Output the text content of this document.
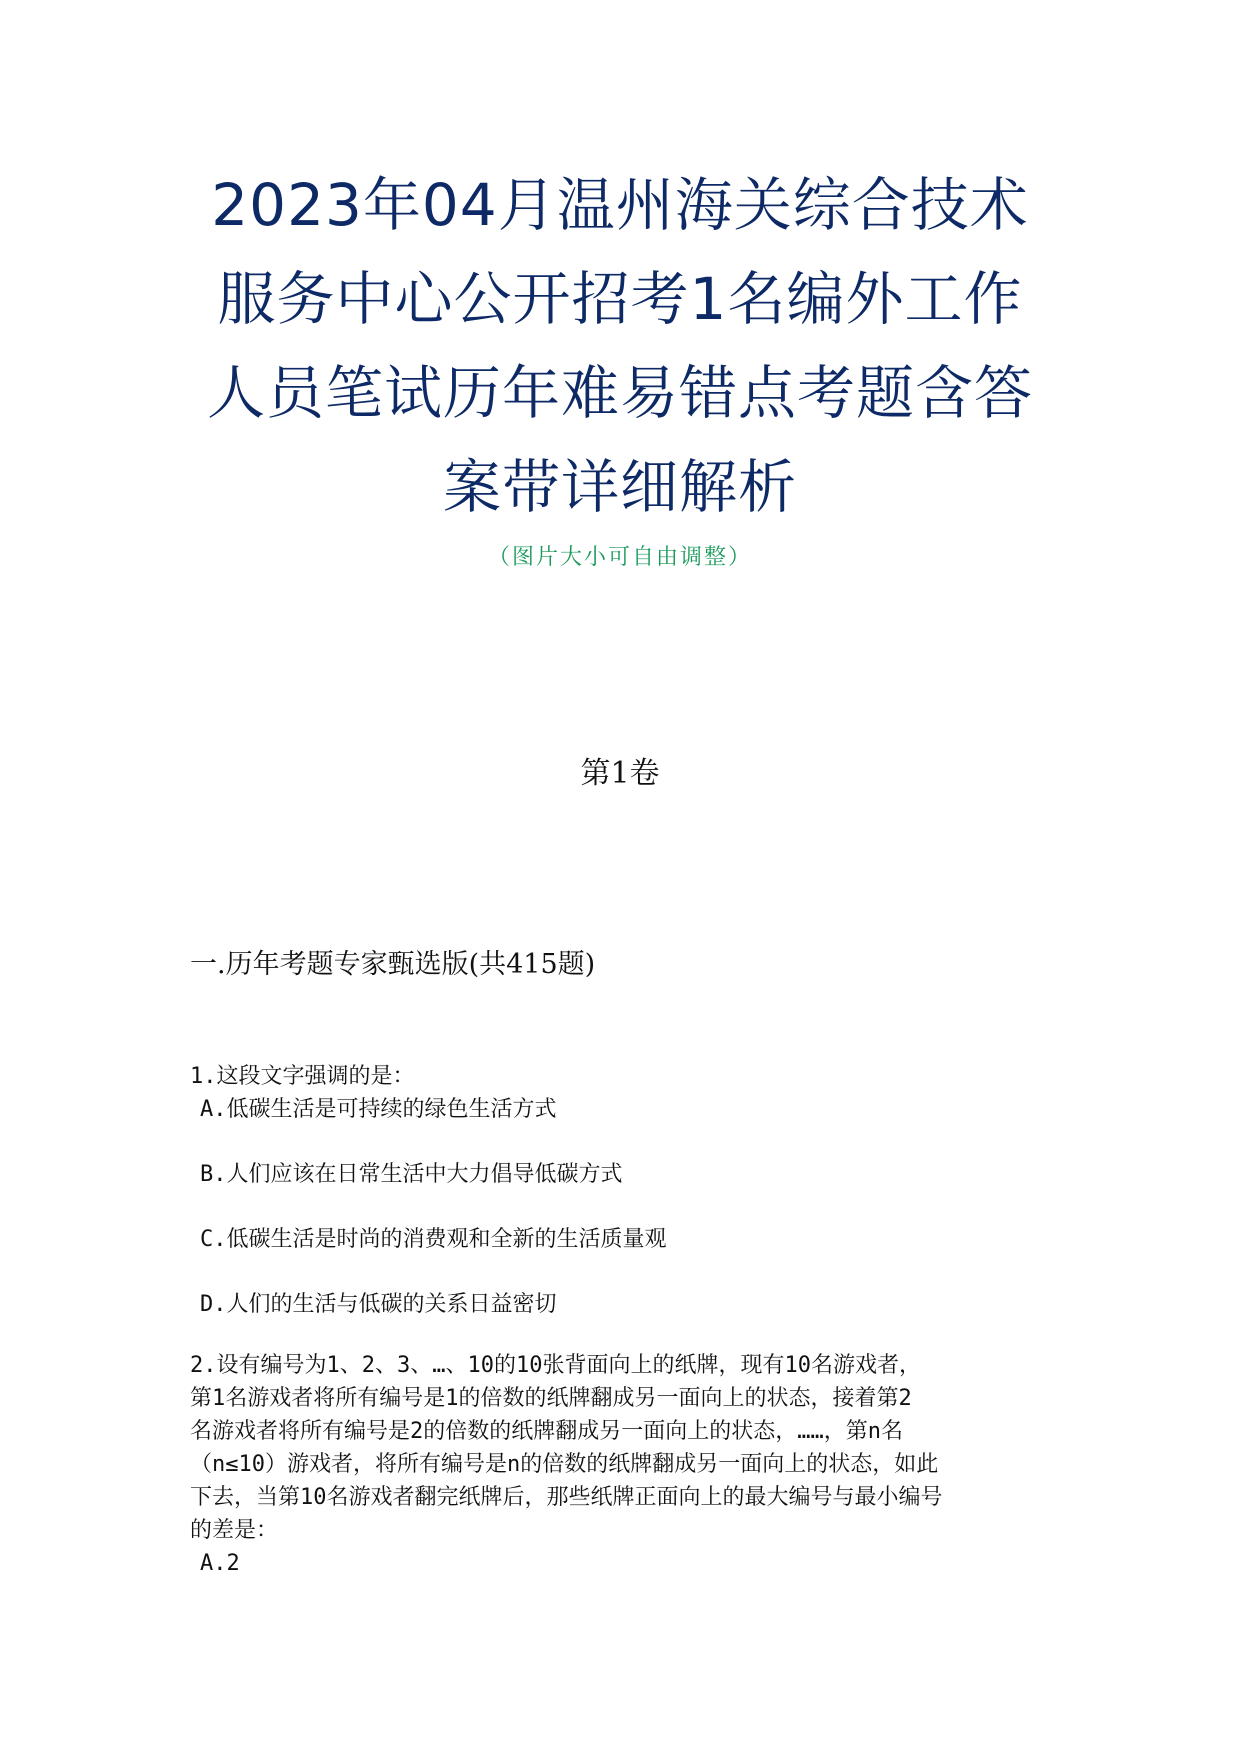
2023年04月温州海关综合技术
服务中心公开招考1名编外工作
人员笔试历年难易错点考题含答
案带详细解析
（图片大小可自由调整）
第1卷
一.历年考题专家甄选版(共415题)

1.这段文字强调的是：

A.低碳生活是可持续的绿色生活方式

B.人们应该在日常生活中大力倡导低碳方式

C.低碳生活是时尚的消费观和全新的生活质量观

D.人们的生活与低碳的关系日益密切

2.设有编号为1、2、3、…、10的10张背面向上的纸牌，现有10名游戏者，

第1名游戏者将所有编号是1的倍数的纸牌翻成另一面向上的状态，接着第2

名游戏者将所有编号是2的倍数的纸牌翻成另一面向上的状态，……，第n名

（n≤10）游戏者，将所有编号是n的倍数的纸牌翻成另一面向上的状态，如此

下去，当第10名游戏者翻完纸牌后，那些纸牌正面向上的最大编号与最小编号

的差是：

A.2
